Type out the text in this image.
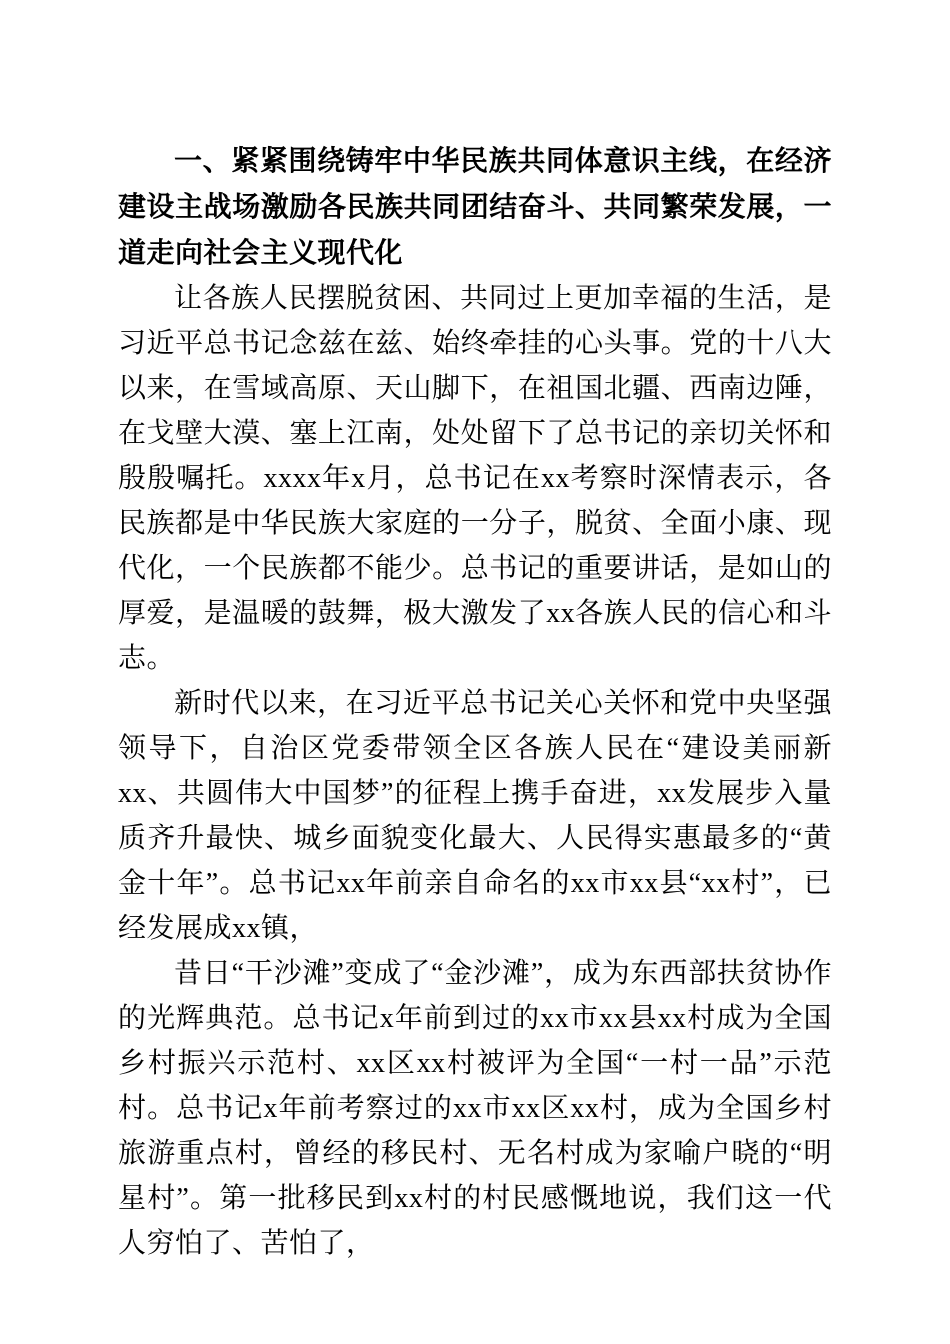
一、紧紧围绕铸牢中华民族共同体意识主线，在经济建设主战场激励各民族共同团结奋斗、共同繁荣发展，一道走向社会主义现代化

让各族人民摆脱贫困、共同过上更加幸福的生活，是习近平总书记念兹在兹、始终牵挂的心头事。党的十八大以来，在雪域高原、天山脚下，在祖国北疆、西南边陲，在戈壁大漠、塞上江南，处处留下了总书记的亲切关怀和殷殷嘱托。xxxx年x月，总书记在xx考察时深情表示，各民族都是中华民族大家庭的一分子，脱贫、全面小康、现代化，一个民族都不能少。总书记的重要讲话，是如山的厚爱，是温暖的鼓舞，极大激发了xx各族人民的信心和斗志。

新时代以来，在习近平总书记关心关怀和党中央坚强领导下，自治区党委带领全区各族人民在“建设美丽新xx、共圆伟大中国梦”的征程上携手奋进，xx发展步入量质齐升最快、城乡面貌变化最大、人民得实惠最多的“黄金十年”。总书记xx年前亲自命名的xx市xx县“xx村”，已经发展成xx镇，

昔日“干沙滩”变成了“金沙滩”，成为东西部扶贫协作的光辉典范。总书记x年前到过的xx市xx县xx村成为全国乡村振兴示范村、xx区xx村被评为全国“一村一品”示范村。总书记x年前考察过的xx市xx区xx村，成为全国乡村旅游重点村，曾经的移民村、无名村成为家喻户晓的“明星村”。第一批移民到xx村的村民感慨地说，我们这一代人穷怕了、苦怕了，
